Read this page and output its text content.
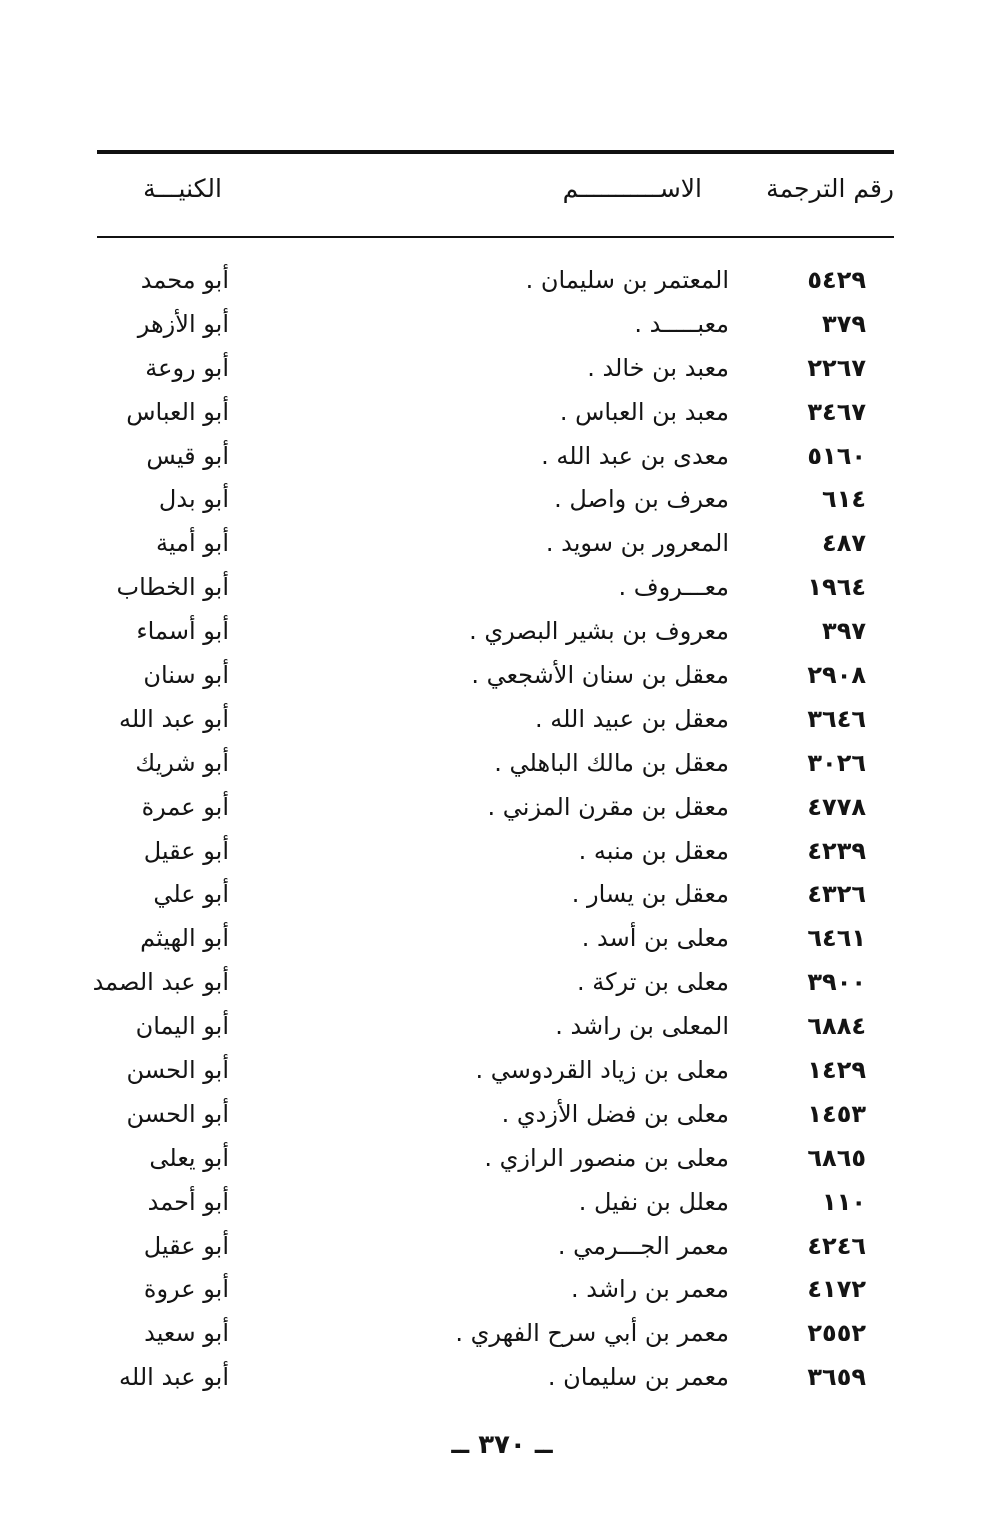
رقم الترجمة
الاســـــــــــم
الكنيـــة
٥٤٢٩
المعتمر بن سليمان .
أبو محمد
٣٧٩
معبـــــد .
أبو الأزهر
٢٢٦٧
معبد بن خالد .
أبو روعة
٣٤٦٧
معبد بن العباس .
أبو العباس
٥١٦٠
معدى بن عبد الله .
أبو قيس
٦١٤
معرف بن واصل .
أبو بدل
٤٨٧
المعرور بن سويد .
أبو أمية
١٩٦٤
معـــروف .
أبو الخطاب
٣٩٧
معروف بن بشير البصري .
أبو أسماء
٢٩٠٨
معقل بن سنان الأشجعي .
أبو سنان
٣٦٤٦
معقل بن عبيد الله .
أبو عبد الله
٣٠٢٦
معقل بن مالك الباهلي .
أبو شريك
٤٧٧٨
معقل بن مقرن المزني .
أبو عمرة
٤٢٣٩
معقل بن منبه .
أبو عقيل
٤٣٢٦
معقل بن يسار .
أبو علي
٦٤٦١
معلى بن أسد .
أبو الهيثم
٣٩٠٠
معلى بن تركة .
أبو عبد الصمد
٦٨٨٤
المعلى بن راشد .
أبو اليمان
١٤٢٩
معلى بن زياد القردوسي .
أبو الحسن
١٤٥٣
معلى بن فضل الأزدي .
أبو الحسن
٦٨٦٥
معلى بن منصور الرازي .
أبو يعلى
١١٠
معلل بن نفيل .
أبو أحمد
٤٢٤٦
معمر الجـــرمي .
أبو عقيل
٤١٧٢
معمر بن راشد .
أبو عروة
٢٥٥٢
معمر بن أبي سرح الفهري .
أبو سعيد
٣٦٥٩
معمر بن سليمان .
أبو عبد الله
ــ ٣٧٠ ــ
